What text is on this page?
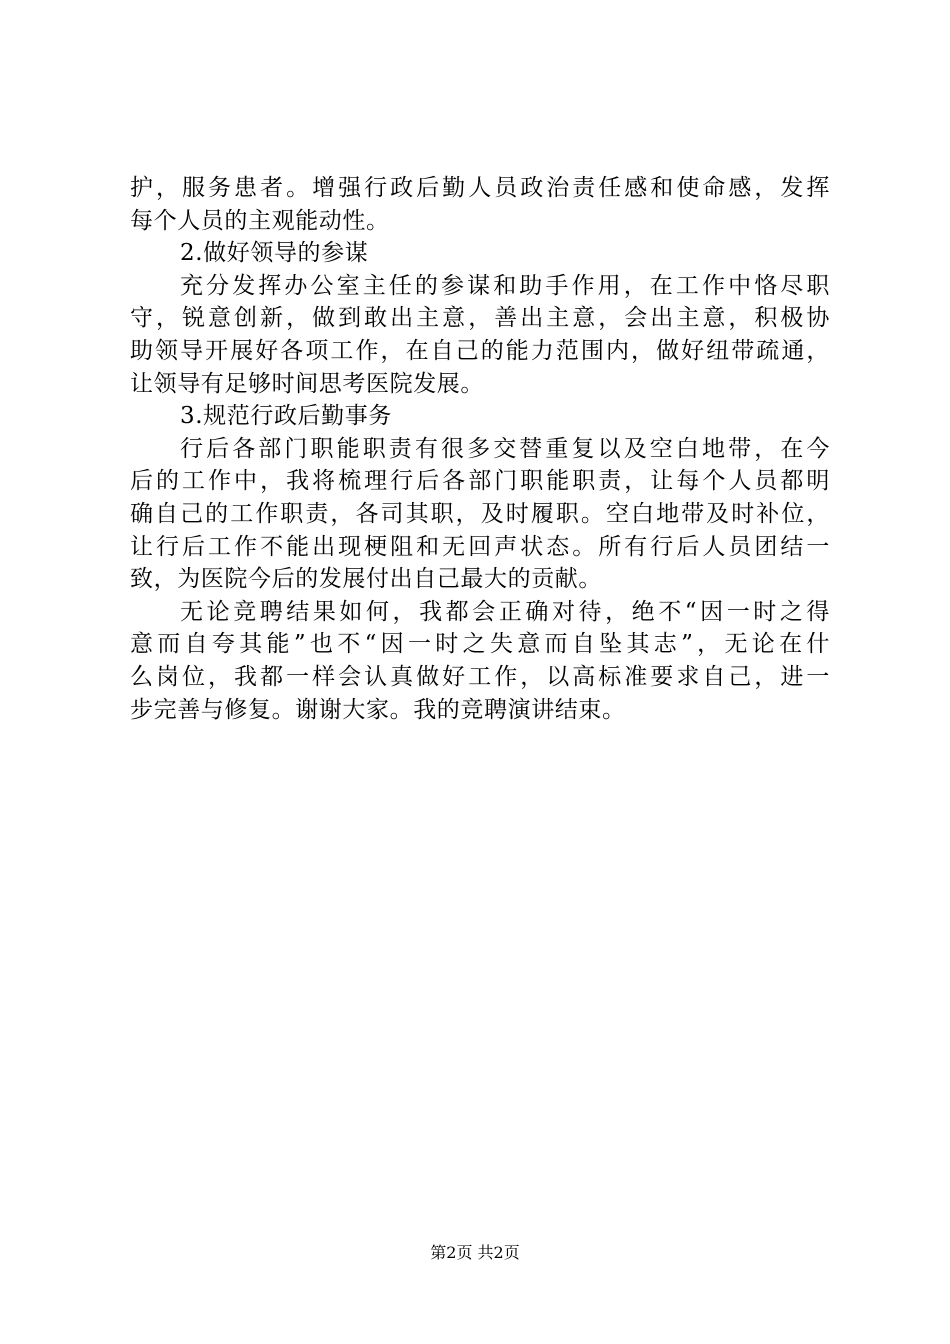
护，服务患者。增强行政后勤人员政治责任感和使命感，发挥
每个人员的主观能动性。
2.做好领导的参谋
充分发挥办公室主任的参谋和助手作用，在工作中恪尽职
守，锐意创新，做到敢出主意，善出主意，会出主意，积极协
助领导开展好各项工作，在自己的能力范围内，做好纽带疏通，
让领导有足够时间思考医院发展。
3.规范行政后勤事务
行后各部门职能职责有很多交替重复以及空白地带，在今
后的工作中，我将梳理行后各部门职能职责，让每个人员都明
确自己的工作职责，各司其职，及时履职。空白地带及时补位，
让行后工作不能出现梗阻和无回声状态。所有行后人员团结一
致，为医院今后的发展付出自己最大的贡献。
无论竞聘结果如何，我都会正确对待，绝不“因一时之得
意而自夸其能”也不“因一时之失意而自坠其志”，无论在什
么岗位，我都一样会认真做好工作，以高标准要求自己，进一
步完善与修复。谢谢大家。我的竞聘演讲结束。
第2页 共2页
